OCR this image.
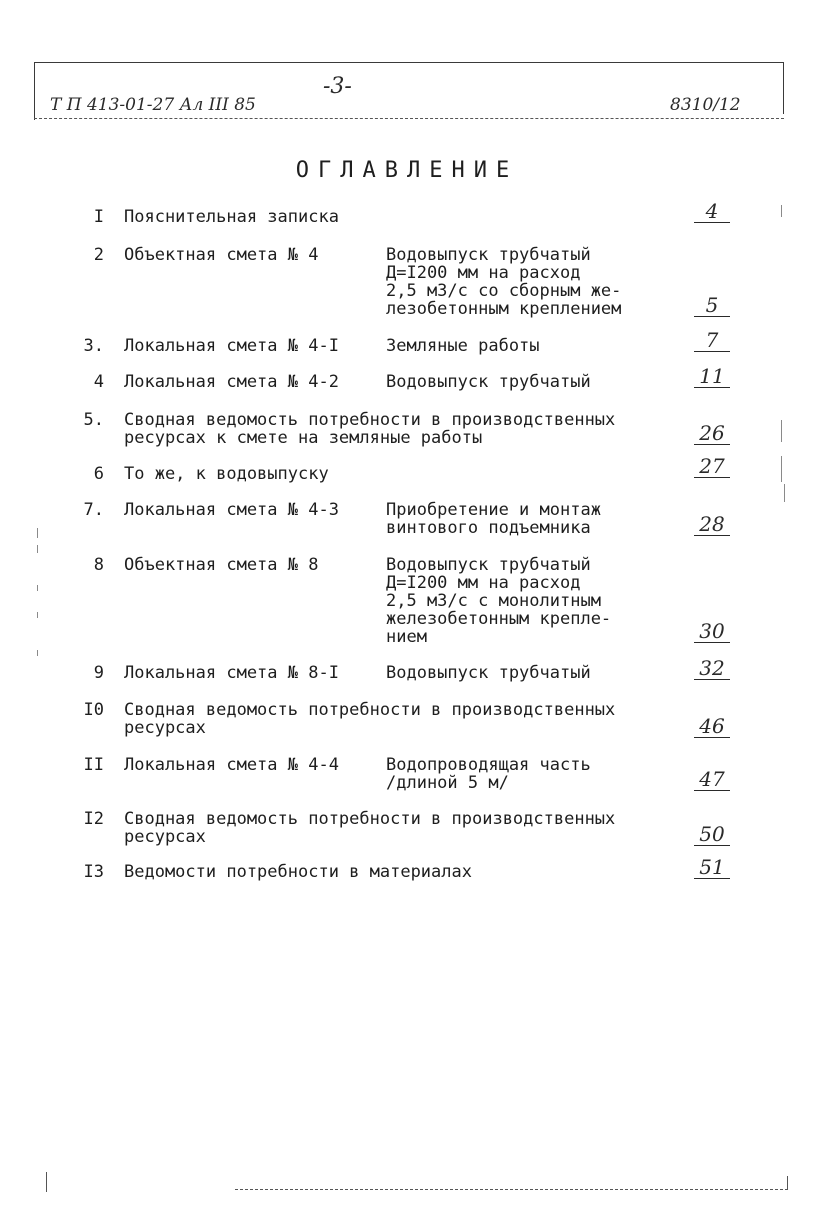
-3-
Т П 413-01-27 Ал III 85	8310/12
ОГЛАВЛЕНИЕ
I Пояснительная записка	4
2 Объектная смета № 4	Водовыпуск трубчатый
Д=I200 мм на расход
2,5 м3/с со сборным же-
лезобетонным креплением	5
3. Локальная смета № 4-I	Земляные работы	7
4 Локальная смета № 4-2	Водовыпуск трубчатый	11
5. Сводная ведомость потребности в производственных
ресурсах к смете на земляные работы	26
6 То же, к водовыпуску	27
7. Локальная смета № 4-3	Приобретение и монтаж
винтового подъемника	28
8 Объектная смета № 8	Водовыпуск трубчатый
Д=I200 мм на расход
2,5 м3/с с монолитным
железобетонным крепле-
нием	30
9 Локальная смета № 8-I	Водовыпуск трубчатый	32
I0 Сводная ведомость потребности в производственных
ресурсах	46
II Локальная смета № 4-4	Водопроводящая часть
/длиной 5 м/	47
I2 Сводная ведомость потребности в производственных
ресурсах	50
I3 Ведомости потребности в материалах	51
